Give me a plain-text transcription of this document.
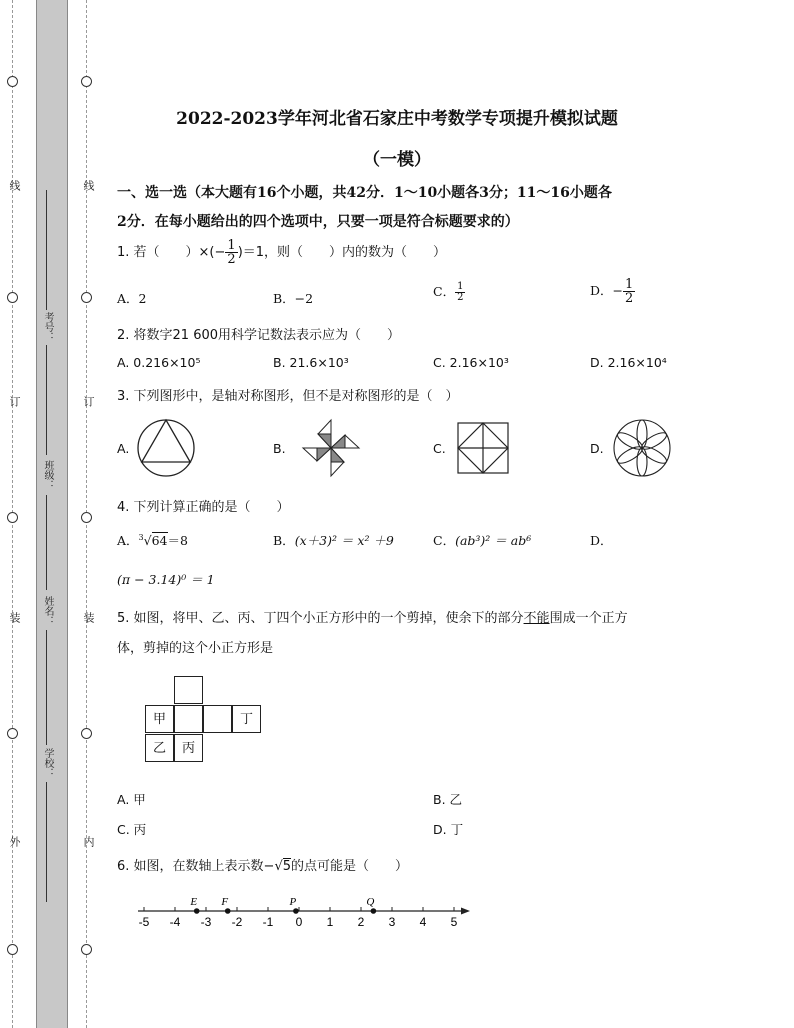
线
订
装
外
线
订
装
内
考号：
班级：
姓名：
学校：
2022-2023学年河北省石家庄中考数学专项提升模拟试题
（一模）
一、选一选（本大题有16个小题，共42分．1～10小题各3分；11～16小题各
2分．在每小题给出的四个选项中，只要一项是符合标题要求的）
1. 若（　　）×(− $\frac{1}{2} )=1$，则（　　）内的数为（　　）
A．2	B．−2	C． $\frac{1}{2}$	D．− $\frac{1}{2}$
2. 将数字21 600用科学记数法表示应为（　　）
A. 0.216×10⁵	B. 21.6×10³	C. 2.16×10³	D. 2.16×10⁴
3. 下列图形中，是轴对称图形，但不是对称图形的是（　）
A.	B.	C.	D.
4. 下列计算正确的是（　　）
A．$^3$√64＝8	B．(x＋3)² ＝ x² ＋9	C．(ab³)² ＝ ab⁶	D．
(π − 3.14)⁰ ＝ 1
5. 如图，将甲、乙、丙、丁四个小正方形中的一个剪掉，使余下的部分不能围成一个正方
体，剪掉的这个小正方形是
甲	丁
乙	丙
A. 甲	B. 乙
C. 丙	D. 丁
6. 如图，在数轴上表示数−√5的点可能是（　　）
-5 -4 -3 -2 -1 0 1 2 3 4 5
E F	P	Q
